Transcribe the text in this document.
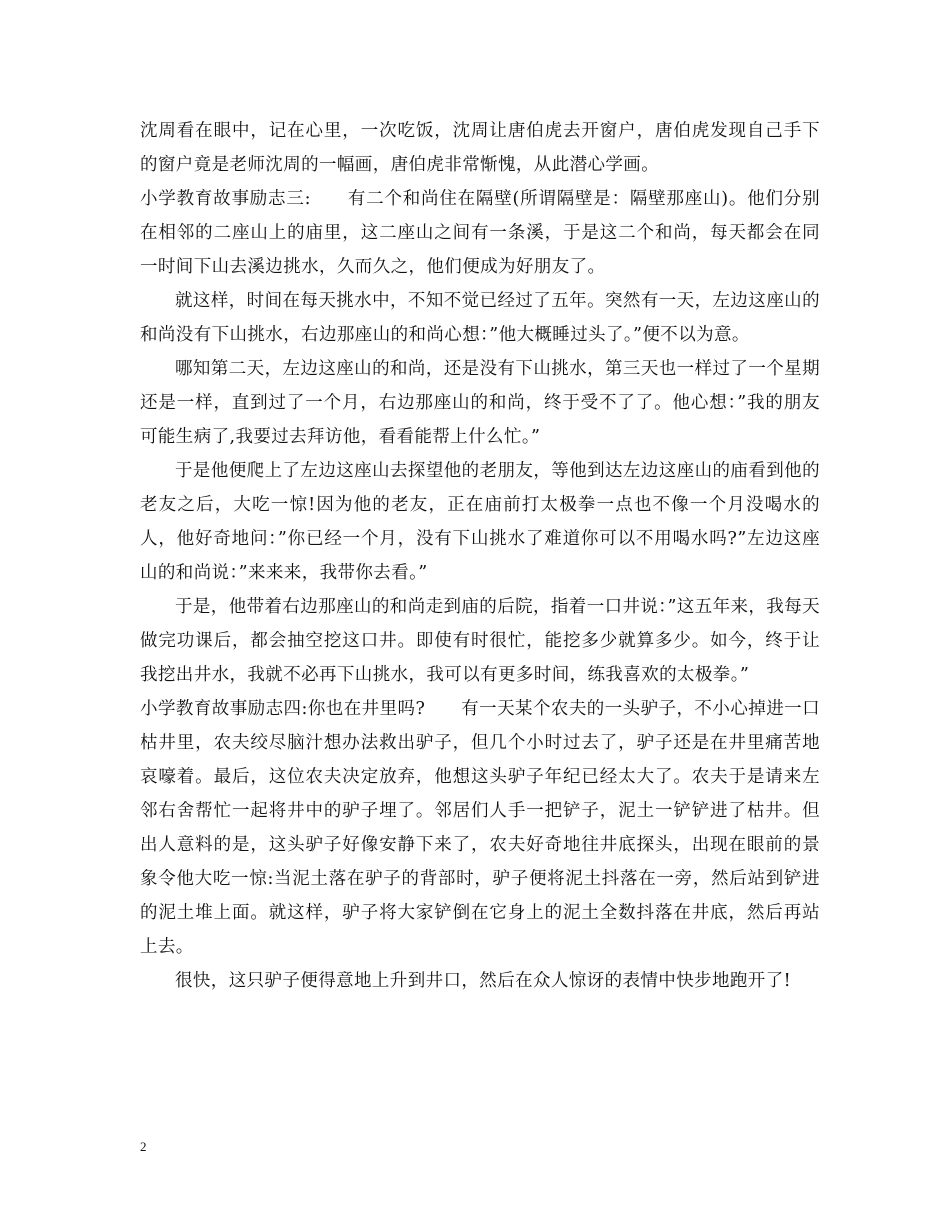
沈周看在眼中，记在心里，一次吃饭，沈周让唐伯虎去开窗户，唐伯虎发现自己手下的窗户竟是老师沈周的一幅画，唐伯虎非常惭愧，从此潜心学画。

小学教育故事励志三:　　有二个和尚住在隔壁(所谓隔壁是：隔壁那座山)。他们分别在相邻的二座山上的庙里，这二座山之间有一条溪，于是这二个和尚，每天都会在同一时间下山去溪边挑水，久而久之，他们便成为好朋友了。

就这样，时间在每天挑水中，不知不觉已经过了五年。突然有一天，左边这座山的和尚没有下山挑水，右边那座山的和尚心想：”他大概睡过头了。”便不以为意。

哪知第二天，左边这座山的和尚，还是没有下山挑水，第三天也一样过了一个星期还是一样，直到过了一个月，右边那座山的和尚，终于受不了了。他心想：”我的朋友可能生病了,我要过去拜访他，看看能帮上什么忙。”

于是他便爬上了左边这座山去探望他的老朋友，等他到达左边这座山的庙看到他的老友之后，大吃一惊!因为他的老友，正在庙前打太极拳一点也不像一个月没喝水的人，他好奇地问：”你已经一个月，没有下山挑水了难道你可以不用喝水吗?”左边这座山的和尚说：”来来来，我带你去看。”

于是，他带着右边那座山的和尚走到庙的后院，指着一口井说：”这五年来，我每天做完功课后，都会抽空挖这口井。即使有时很忙，能挖多少就算多少。如今，终于让我挖出井水，我就不必再下山挑水，我可以有更多时间，练我喜欢的太极拳。”

小学教育故事励志四:你也在井里吗?　　有一天某个农夫的一头驴子，不小心掉进一口枯井里，农夫绞尽脑汁想办法救出驴子，但几个小时过去了，驴子还是在井里痛苦地哀嚎着。最后，这位农夫决定放弃，他想这头驴子年纪已经太大了。农夫于是请来左邻右舍帮忙一起将井中的驴子埋了。邻居们人手一把铲子，泥土一铲铲进了枯井。但出人意料的是，这头驴子好像安静下来了，农夫好奇地往井底探头，出现在眼前的景象令他大吃一惊:当泥土落在驴子的背部时，驴子便将泥土抖落在一旁，然后站到铲进的泥土堆上面。就这样，驴子将大家铲倒在它身上的泥土全数抖落在井底，然后再站上去。

很快，这只驴子便得意地上升到井口，然后在众人惊讶的表情中快步地跑开了!

2
